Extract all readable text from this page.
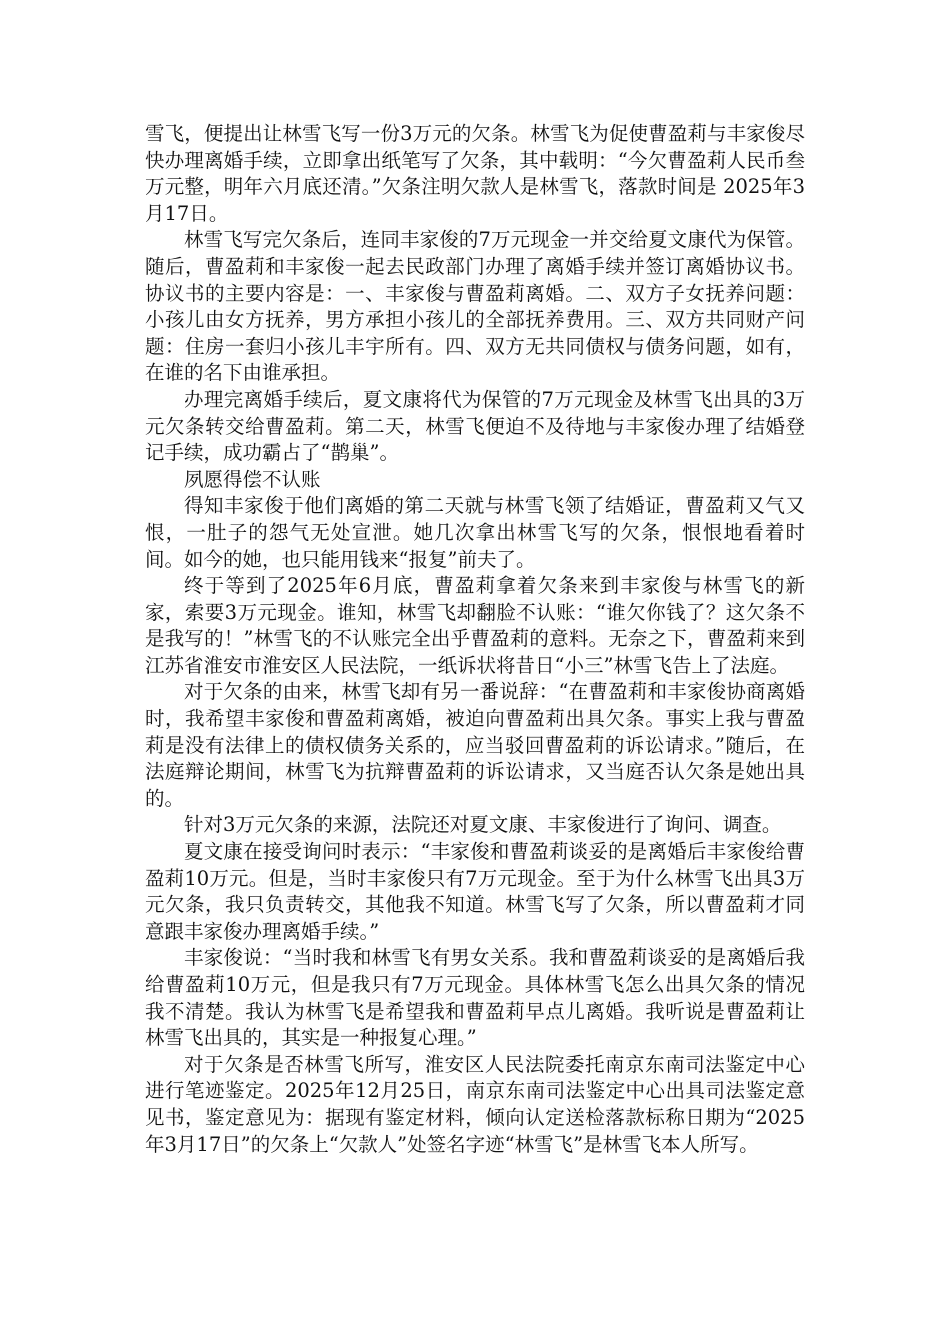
雪飞，便提出让林雪飞写一份3万元的欠条。林雪飞为促使曹盈莉与丰家俊尽快办理离婚手续，立即拿出纸笔写了欠条，其中载明：“今欠曹盈莉人民币叁万元整，明年六月底还清。”欠条注明欠款人是林雪飞，落款时间是 2025年3月17日。

林雪飞写完欠条后，连同丰家俊的7万元现金一并交给夏文康代为保管。随后，曹盈莉和丰家俊一起去民政部门办理了离婚手续并签订离婚协议书。协议书的主要内容是：一、丰家俊与曹盈莉离婚。二、双方子女抚养问题：小孩儿由女方抚养，男方承担小孩儿的全部抚养费用。三、双方共同财产问题：住房一套归小孩儿丰宇所有。四、双方无共同债权与债务问题，如有，在谁的名下由谁承担。

办理完离婚手续后，夏文康将代为保管的7万元现金及林雪飞出具的3万元欠条转交给曹盈莉。第二天，林雪飞便迫不及待地与丰家俊办理了结婚登记手续，成功霸占了“鹊巢”。

夙愿得偿不认账

得知丰家俊于他们离婚的第二天就与林雪飞领了结婚证，曹盈莉又气又恨，一肚子的怨气无处宣泄。她几次拿出林雪飞写的欠条，恨恨地看着时间。如今的她，也只能用钱来“报复”前夫了。

终于等到了2025年6月底，曹盈莉拿着欠条来到丰家俊与林雪飞的新家，索要3万元现金。谁知，林雪飞却翻脸不认账：“谁欠你钱了？这欠条不是我写的！”林雪飞的不认账完全出乎曹盈莉的意料。无奈之下，曹盈莉来到江苏省淮安市淮安区人民法院，一纸诉状将昔日“小三”林雪飞告上了法庭。

对于欠条的由来，林雪飞却有另一番说辞：“在曹盈莉和丰家俊协商离婚时，我希望丰家俊和曹盈莉离婚，被迫向曹盈莉出具欠条。事实上我与曹盈莉是没有法律上的债权债务关系的，应当驳回曹盈莉的诉讼请求。”随后，在法庭辩论期间，林雪飞为抗辩曹盈莉的诉讼请求，又当庭否认欠条是她出具的。

针对3万元欠条的来源，法院还对夏文康、丰家俊进行了询问、调查。

夏文康在接受询问时表示：“丰家俊和曹盈莉谈妥的是离婚后丰家俊给曹盈莉10万元。但是，当时丰家俊只有7万元现金。至于为什么林雪飞出具3万元欠条，我只负责转交，其他我不知道。林雪飞写了欠条，所以曹盈莉才同意跟丰家俊办理离婚手续。”

丰家俊说：“当时我和林雪飞有男女关系。我和曹盈莉谈妥的是离婚后我给曹盈莉10万元，但是我只有7万元现金。具体林雪飞怎么出具欠条的情况我不清楚。我认为林雪飞是希望我和曹盈莉早点儿离婚。我听说是曹盈莉让林雪飞出具的，其实是一种报复心理。”

对于欠条是否林雪飞所写，淮安区人民法院委托南京东南司法鉴定中心进行笔迹鉴定。2025年12月25日，南京东南司法鉴定中心出具司法鉴定意见书，鉴定意见为：据现有鉴定材料，倾向认定送检落款标称日期为“2025年3月17日”的欠条上“欠款人”处签名字迹“林雪飞”是林雪飞本人所写。
